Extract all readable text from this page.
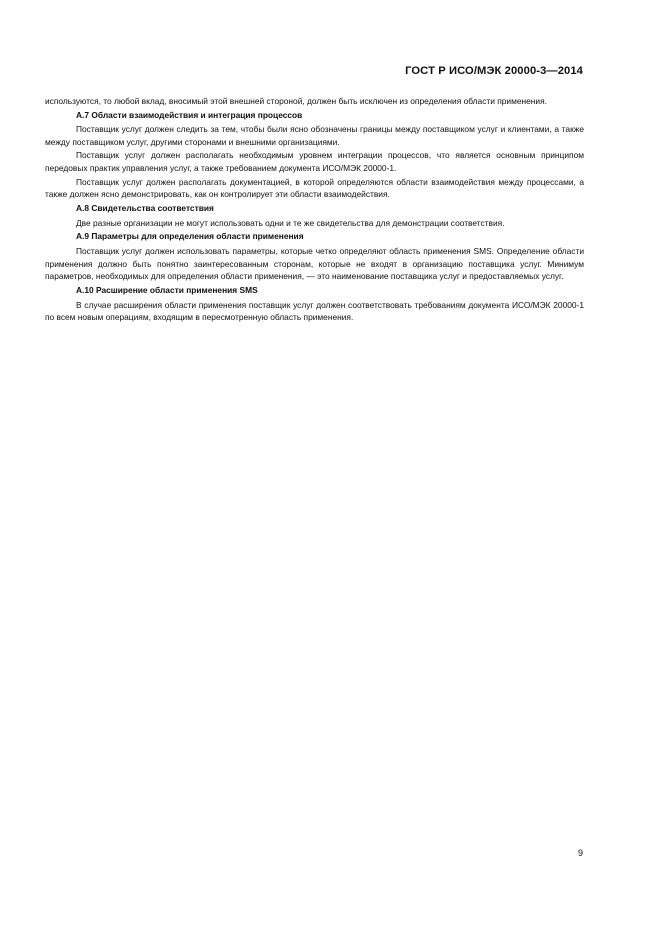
ГОСТ Р ИСО/МЭК 20000-3—2014

используются, то любой вклад, вносимый этой внешней стороной, должен быть исключен из определения области применения.

А.7 Области взаимодействия и интеграция процессов

Поставщик услуг должен следить за тем, чтобы были ясно обозначены границы между поставщиком услуг и клиентами, а также между поставщиком услуг, другими сторонами и внешними организациями.

Поставщик услуг должен располагать необходимым уровнем интеграции процессов, что является основным принципом передовых практик управления услуг, а также требованием документа ИСО/МЭК 20000-1.

Поставщик услуг должен располагать документацией, в которой определяются области взаимодействия между процессами, а также должен ясно демонстрировать, как он контролирует эти области взаимодействия.

А.8 Свидетельства соответствия

Две разные организации не могут использовать одни и те же свидетельства для демонстрации соответствия.

А.9 Параметры для определения области применения

Поставщик услуг должен использовать параметры, которые четко определяют область применения SMS. Определение области применения должно быть понятно заинтересованным сторонам, которые не входят в организацию поставщика услуг. Минимум параметров, необходимых для определения области применения, — это наименование поставщика услуг и предоставляемых услуг.

А.10 Расширение области применения SMS

В случае расширения области применения поставщик услуг должен соответствовать требованиям документа ИСО/МЭК 20000-1 по всем новым операциям, входящим в пересмотренную область применения.

9
